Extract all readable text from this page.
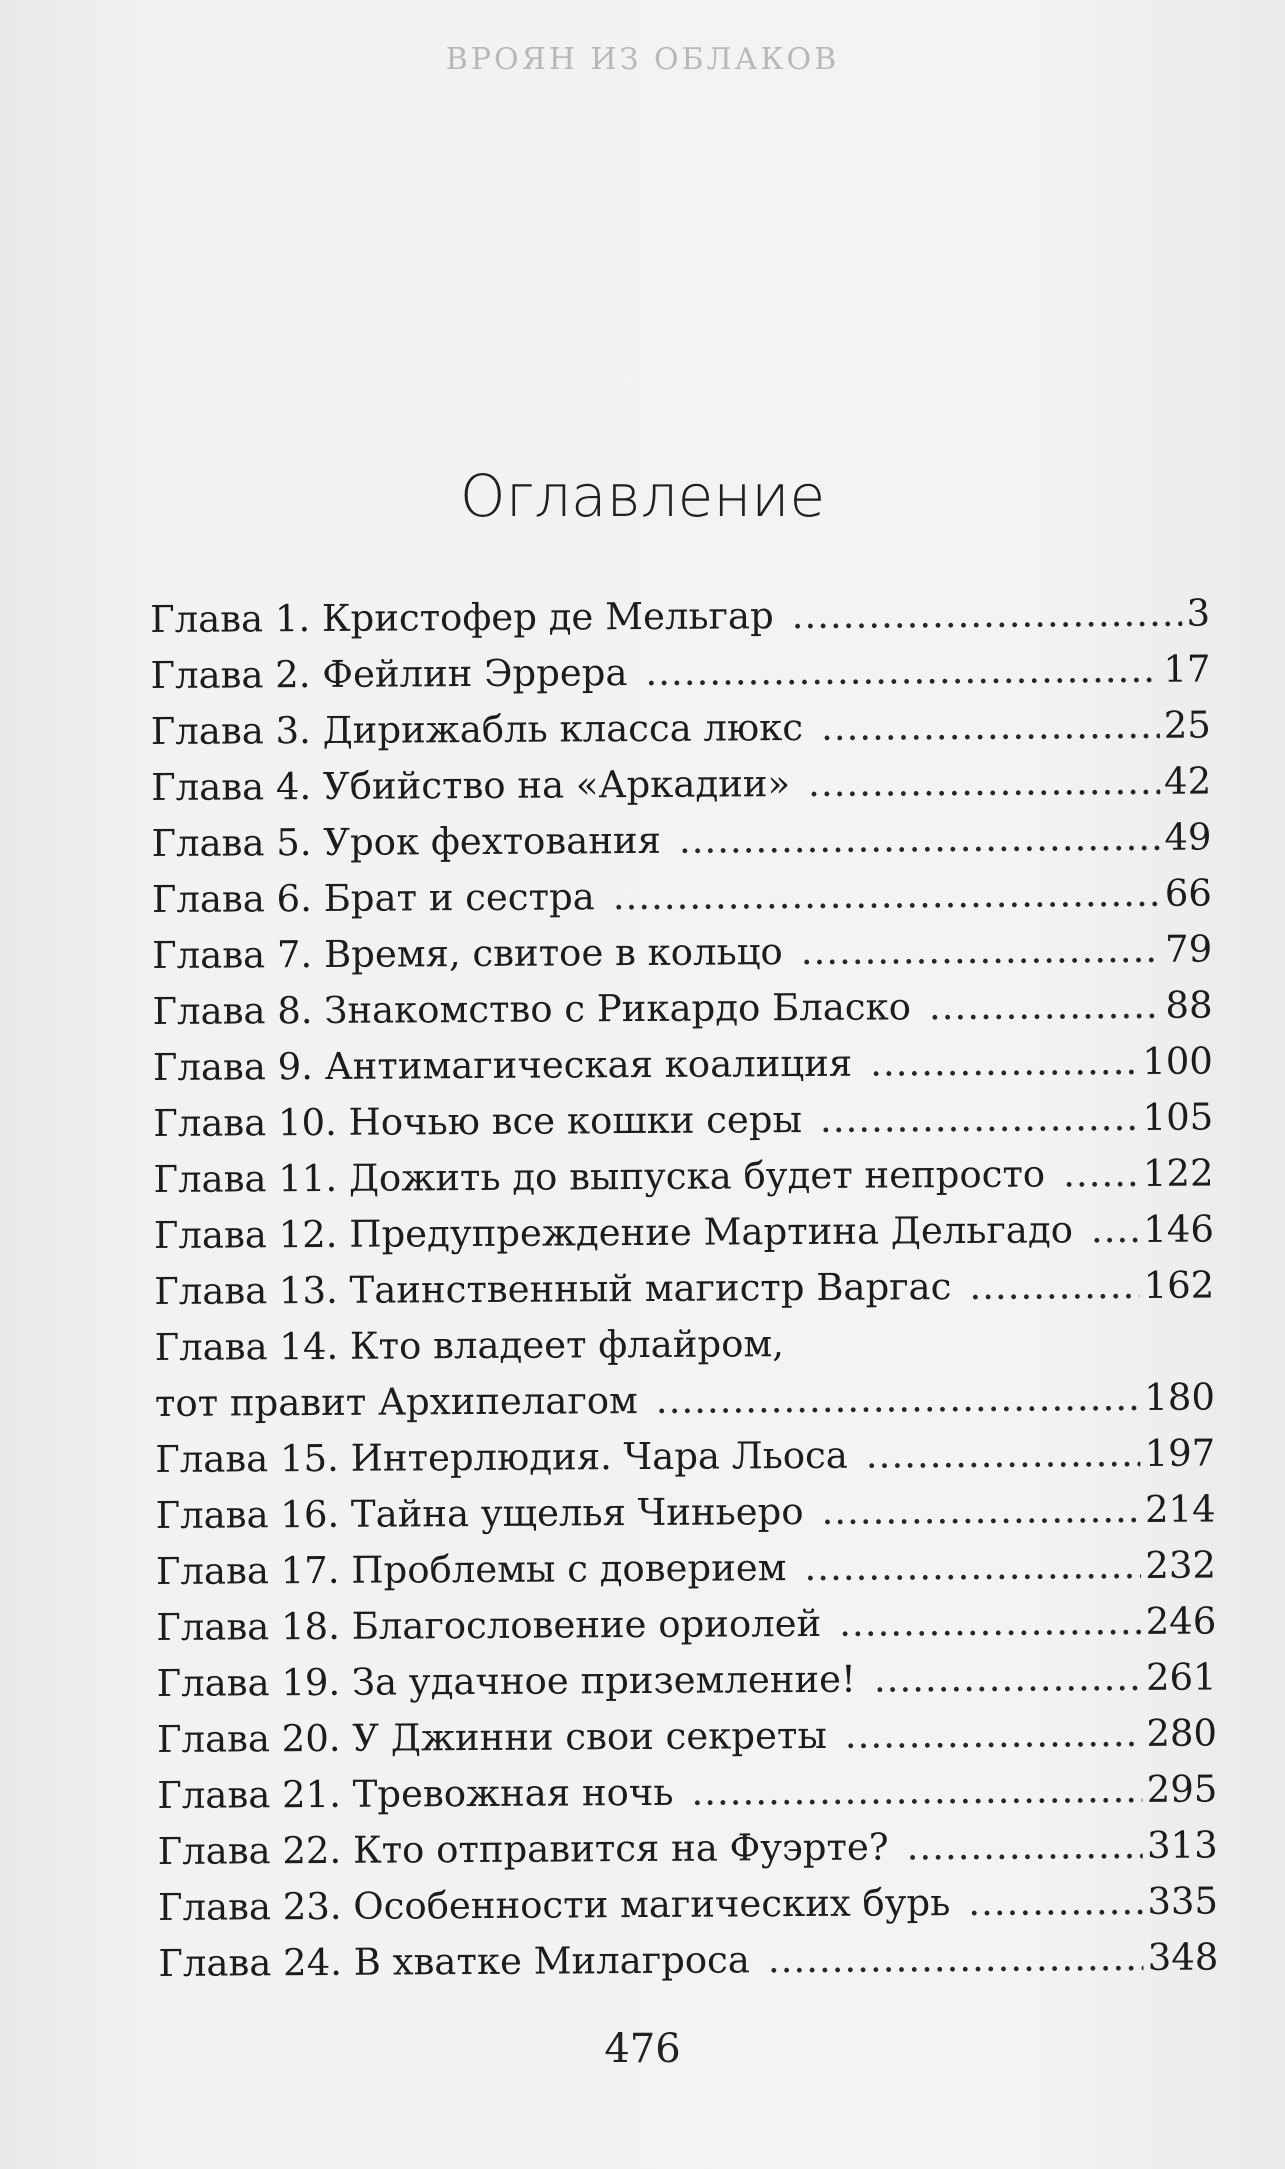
ВРОЯН ИЗ ОБЛАКОВ
Оглавление
Глава 1. Кристофер де Мельгар .....	3
Глава 2. Фейлин Эррера .....	17
Глава 3. Дирижабль класса люкс .....	25
Глава 4. Убийство на «Аркадии» .....	42
Глава 5. Урок фехтования .....	49
Глава 6. Брат и сестра .....	66
Глава 7. Время, свитое в кольцо .....	79
Глава 8. Знакомство с Рикардо Бласко .....	88
Глава 9. Антимагическая коалиция .....	100
Глава 10. Ночью все кошки серы .....	105
Глава 11. Дожить до выпуска будет непросто .....	122
Глава 12. Предупреждение Мартина Дельгадо ..... 146
Глава 13. Таинственный магистр Варгас .....	162
Глава 14. Кто владеет флайром,
тот правит Архипелагом .....	180
Глава 15. Интерлюдия. Чара Льоса .....	197
Глава 16. Тайна ущелья Чиньеро .....	214
Глава 17. Проблемы с доверием .....	232
Глава 18. Благословение ориолей .....	246
Глава 19. За удачное приземление! .....	261
Глава 20. У Джинни свои секреты .....	280
Глава 21. Тревожная ночь .....	295
Глава 22. Кто отправится на Фуэрте? .....	313
Глава 23. Особенности магических бурь .....	335
Глава 24. В хватке Милагроса .....	348
476
